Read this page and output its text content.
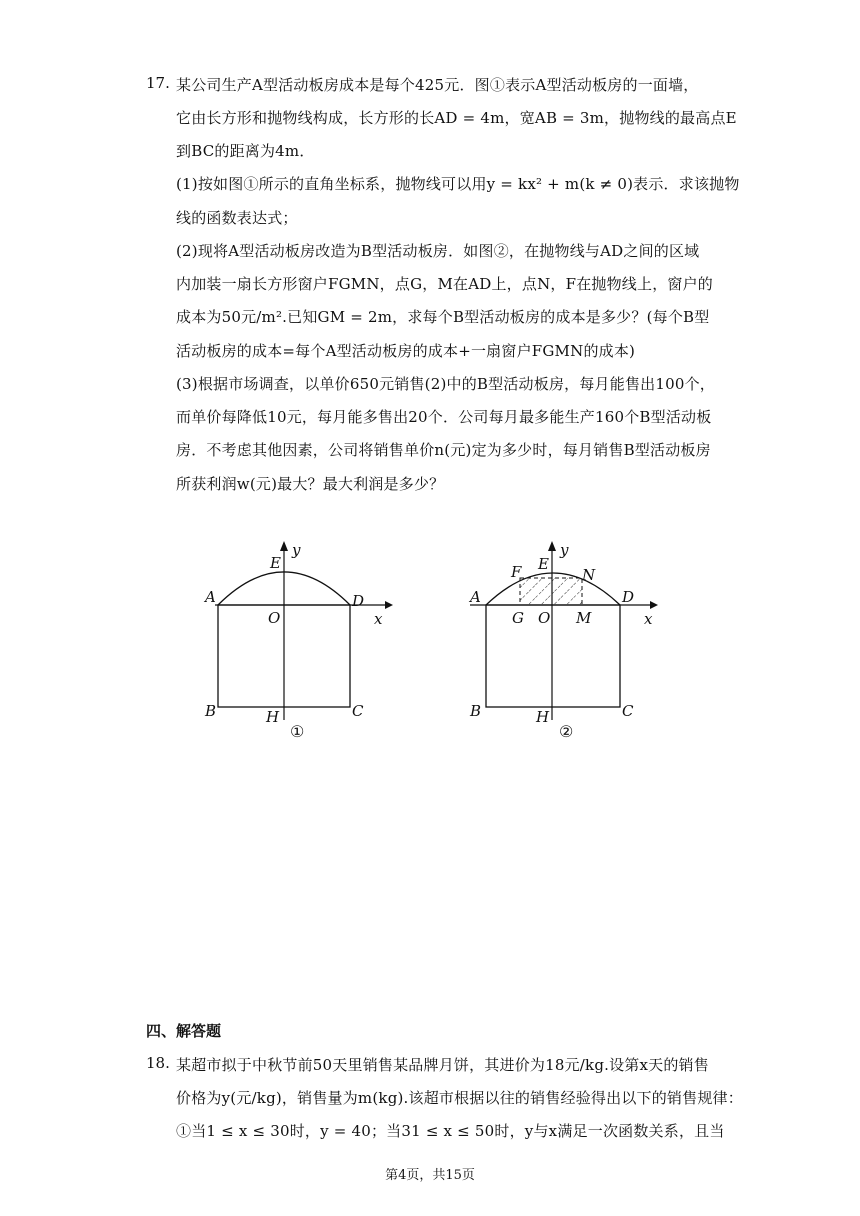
17. 某公司生产A型活动板房成本是每个425元．图①表示A型活动板房的一面墙，
它由长方形和抛物线构成，长方形的长AD = 4m，宽AB = 3m，抛物线的最高点E
到BC的距离为4m．
(1)按如图①所示的直角坐标系，抛物线可以用y = kx² + m(k ≠ 0)表示．求该抛物
线的函数表达式；
(2)现将A型活动板房改造为B型活动板房．如图②，在抛物线与AD之间的区域
内加装一扇长方形窗户FGMN，点G，M在AD上，点N，F在抛物线上，窗户的
成本为50元/m².已知GM = 2m，求每个B型活动板房的成本是多少？(每个B型
活动板房的成本=每个A型活动板房的成本+一扇窗户FGMN的成本)
(3)根据市场调查，以单价650元销售(2)中的B型活动板房，每月能售出100个，
而单价每降低10元，每月能多售出20个．公司每月最多能生产160个B型活动板
房．不考虑其他因素，公司将销售单价n(元)定为多少时，每月销售B型活动板房
所获利润w(元)最大？最大利润是多少？
A	D
E
O	x
y
B	C
H
①
A	D
E
F	N
G O M	x
y
B	C
H
②
四、解答题
18. 某超市拟于中秋节前50天里销售某品牌月饼，其进价为18元/kg.设第x天的销售
价格为y(元/kg)，销售量为m(kg).该超市根据以往的销售经验得出以下的销售规律：
①当1 ≤ x ≤ 30时，y = 40；当31 ≤ x ≤ 50时，y与x满足一次函数关系，且当
第4页，共15页
